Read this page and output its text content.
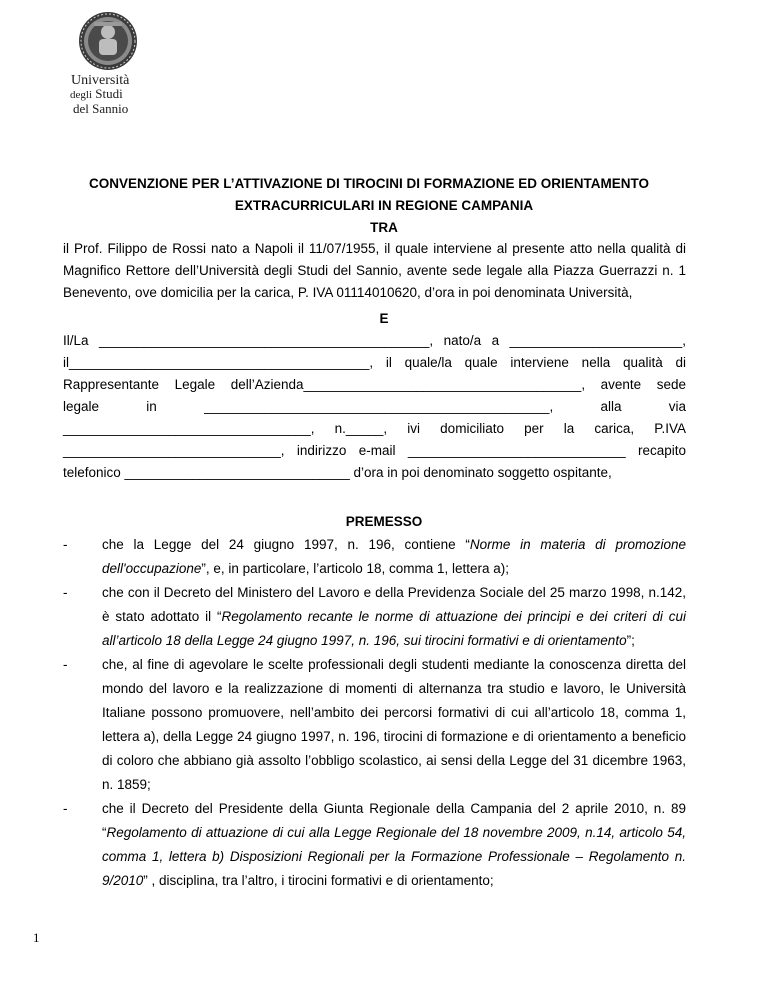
Università
degli Studi
del Sannio
CONVENZIONE PER L’ATTIVAZIONE DI TIROCINI DI FORMAZIONE ED ORIENTAMENTO
EXTRACURRICULARI IN REGIONE CAMPANIA
TRA
il Prof. Filippo de Rossi nato a Napoli il 11/07/1955, il quale interviene al presente atto nella qualità di Magnifico Rettore dell’Università degli Studi del Sannio, avente sede legale alla Piazza Guerrazzi n. 1 Benevento, ove domicilia per la carica, P. IVA 01114010620, d’ora in poi denominata Università,
E
Il/La ____________________________________________, nato/a a _______________________,
il________________________________________, il quale/la quale interviene nella qualità di
Rappresentante Legale dell’Azienda_____________________________________, avente sede
legale in ______________________________________________, alla via
_________________________________, n._____, ivi domiciliato per la carica, P.IVA
_____________________________, indirizzo e-mail _____________________________ recapito
telefonico ______________________________ d’ora in poi denominato soggetto ospitante,
PREMESSO
-	che la Legge del 24 giugno 1997, n. 196, contiene “Norme in materia di promozione dell'occupazione”, e, in particolare, l’articolo 18, comma 1, lettera a);
-	che con il Decreto del Ministero del Lavoro e della Previdenza Sociale del 25 marzo 1998, n.142, è stato adottato il “Regolamento recante le norme di attuazione dei principi e dei criteri di cui all’articolo 18 della Legge 24 giugno 1997, n. 196, sui tirocini formativi e di orientamento”;
-	che, al fine di agevolare le scelte professionali degli studenti mediante la conoscenza diretta del mondo del lavoro e la realizzazione di momenti di alternanza tra studio e lavoro, le Università Italiane possono promuovere, nell’ambito dei percorsi formativi di cui all’articolo 18, comma 1, lettera a), della Legge 24 giugno 1997, n. 196, tirocini di formazione e di orientamento a beneficio di coloro che abbiano già assolto l’obbligo scolastico, ai sensi della Legge del 31 dicembre 1963, n. 1859;
-	che il Decreto del Presidente della Giunta Regionale della Campania del 2 aprile 2010, n. 89 “Regolamento di attuazione di cui alla Legge Regionale del 18 novembre 2009, n.14, articolo 54, comma 1, lettera b) Disposizioni Regionali per la Formazione Professionale – Regolamento n. 9/2010” , disciplina, tra l’altro, i tirocini formativi e di orientamento;
1
